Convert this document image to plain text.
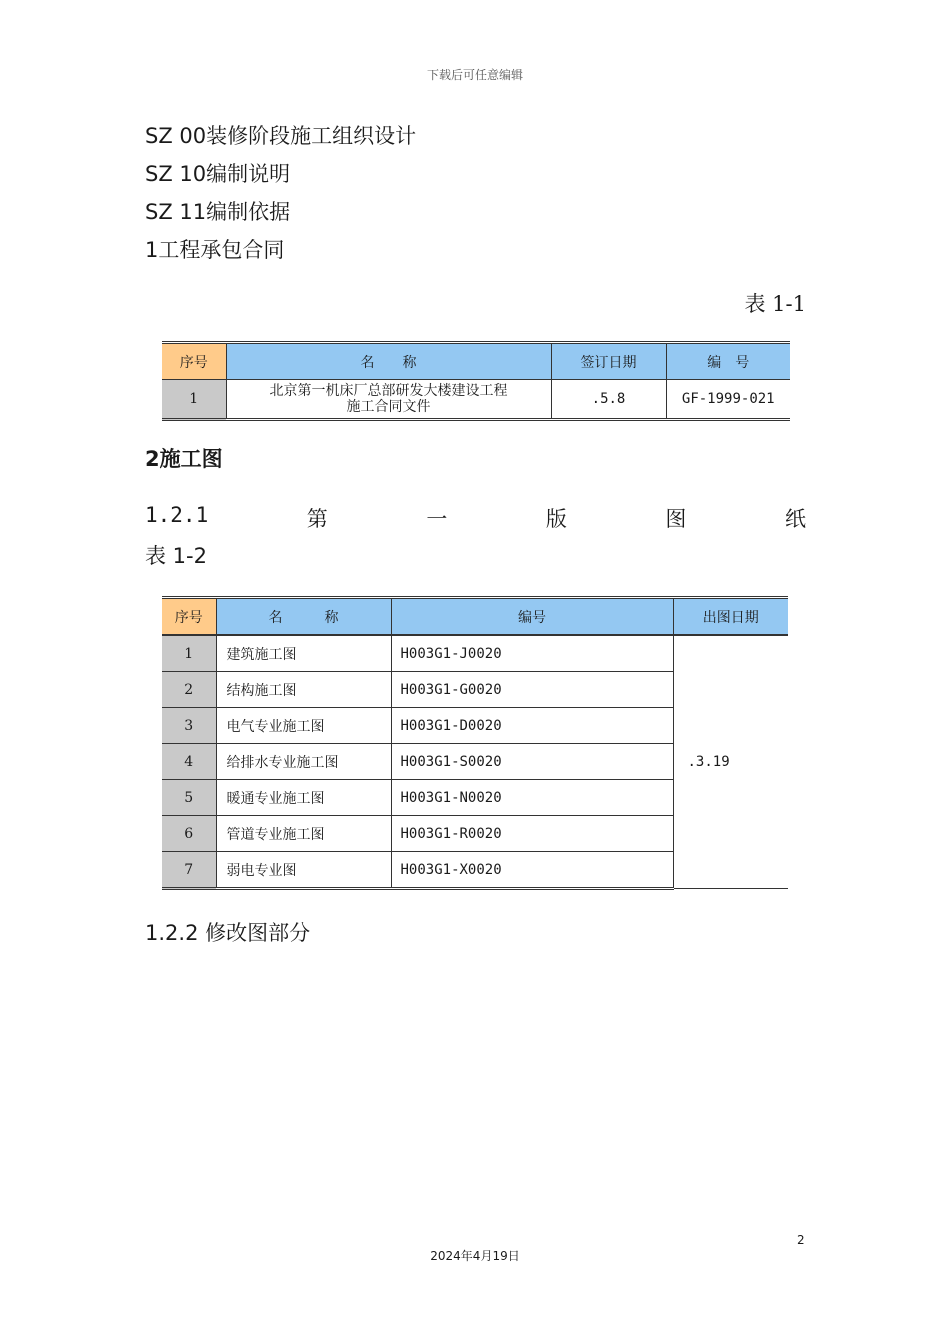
下载后可任意编辑
SZ 00装修阶段施工组织设计
SZ 10编制说明
SZ 11编制依据
1工程承包合同
表 1-1
序号	名　　称	签订日期	编　号
1	北京第一机床厂总部研发大楼建设工程
施工合同文件	.5.8	GF-1999-021
2施工图
1.2.1	第	一	版	图	纸
表 1-2
序号	名　　　称	编号	出图日期
1	建筑施工图	H003G1-J0020	.3.19
2	结构施工图	H003G1-G0020	
3	电气专业施工图	H003G1-D0020	
4	给排水专业施工图	H003G1-S0020	
5	暖通专业施工图	H003G1-N0020	
6	管道专业施工图	H003G1-R0020	
7	弱电专业图	H003G1-X0020	
1.2.2 修改图部分
2
2024年4月19日
